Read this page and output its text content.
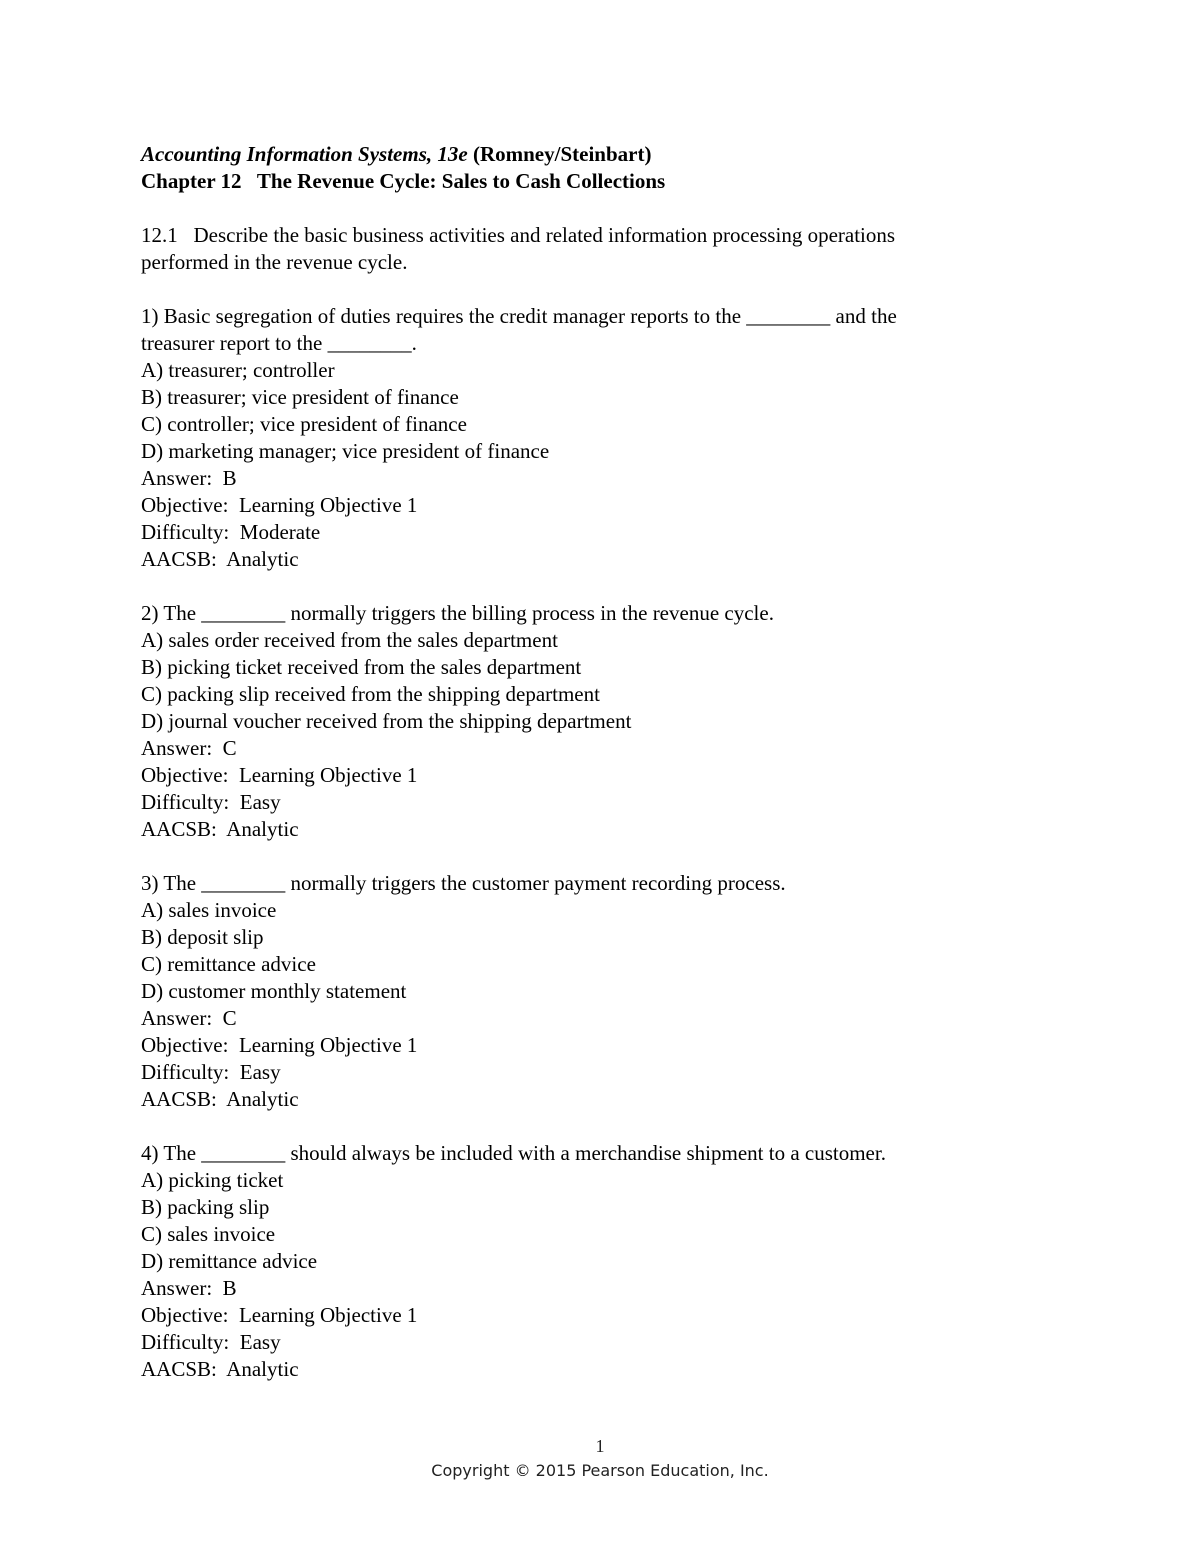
Accounting Information Systems, 13e (Romney/Steinbart)
Chapter 12   The Revenue Cycle: Sales to Cash Collections
12.1   Describe the basic business activities and related information processing operations
performed in the revenue cycle.
1) Basic segregation of duties requires the credit manager reports to the ________ and the
treasurer report to the ________.
A) treasurer; controller
B) treasurer; vice president of finance
C) controller; vice president of finance
D) marketing manager; vice president of finance
Answer:  B
Objective:  Learning Objective 1
Difficulty:  Moderate
AACSB:  Analytic
2) The ________ normally triggers the billing process in the revenue cycle.
A) sales order received from the sales department
B) picking ticket received from the sales department
C) packing slip received from the shipping department
D) journal voucher received from the shipping department
Answer:  C
Objective:  Learning Objective 1
Difficulty:  Easy
AACSB:  Analytic
3) The ________ normally triggers the customer payment recording process.
A) sales invoice
B) deposit slip
C) remittance advice
D) customer monthly statement
Answer:  C
Objective:  Learning Objective 1
Difficulty:  Easy
AACSB:  Analytic
4) The ________ should always be included with a merchandise shipment to a customer.
A) picking ticket
B) packing slip
C) sales invoice
D) remittance advice
Answer:  B
Objective:  Learning Objective 1
Difficulty:  Easy
AACSB:  Analytic
1
Copyright © 2015 Pearson Education, Inc.
